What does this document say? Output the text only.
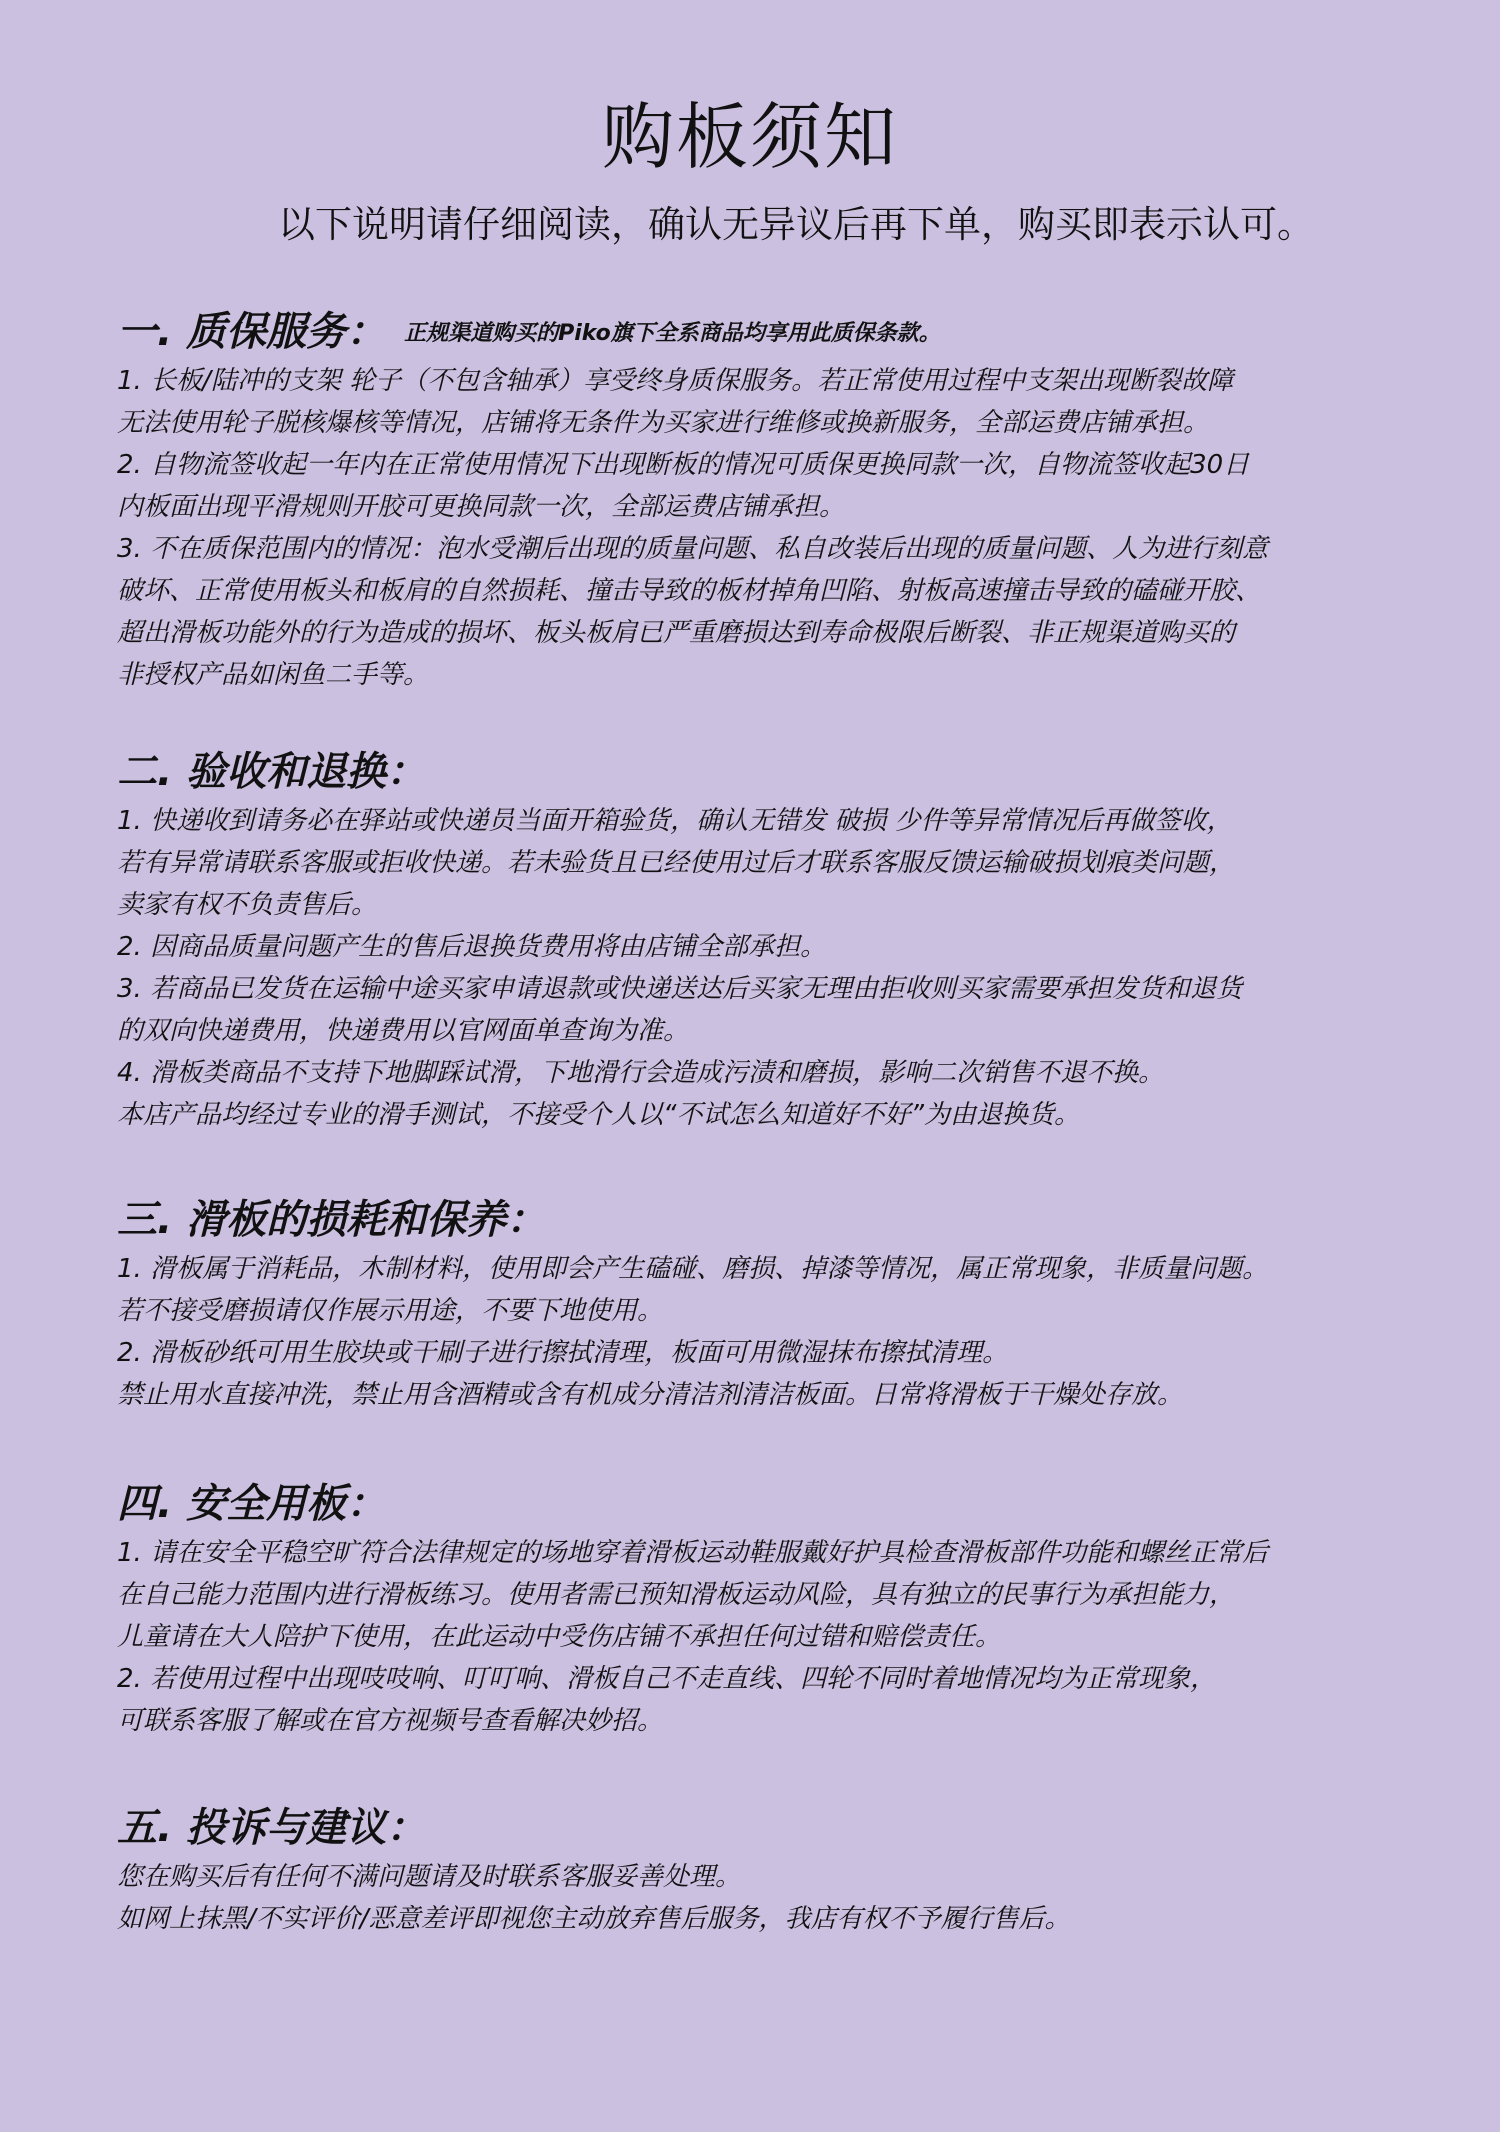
购板须知

以下说明请仔细阅读，确认无异议后再下单，购买即表示认可。

一. 质保服务： 正规渠道购买的Piko旗下全系商品均享用此质保条款。
1. 长板/陆冲的支架 轮子（不包含轴承）享受终身质保服务。若正常使用过程中支架出现断裂故障
无法使用轮子脱核爆核等情况，店铺将无条件为买家进行维修或换新服务，全部运费店铺承担。
2. 自物流签收起一年内在正常使用情况下出现断板的情况可质保更换同款一次，自物流签收起30日
内板面出现平滑规则开胶可更换同款一次，全部运费店铺承担。
3. 不在质保范围内的情况：泡水受潮后出现的质量问题、私自改装后出现的质量问题、人为进行刻意
破坏、正常使用板头和板肩的自然损耗、撞击导致的板材掉角凹陷、射板高速撞击导致的磕碰开胶、
超出滑板功能外的行为造成的损坏、板头板肩已严重磨损达到寿命极限后断裂、非正规渠道购买的
非授权产品如闲鱼二手等。
二. 验收和退换：
1. 快递收到请务必在驿站或快递员当面开箱验货，确认无错发 破损 少件等异常情况后再做签收，
若有异常请联系客服或拒收快递。若未验货且已经使用过后才联系客服反馈运输破损划痕类问题，
卖家有权不负责售后。
2. 因商品质量问题产生的售后退换货费用将由店铺全部承担。
3. 若商品已发货在运输中途买家申请退款或快递送达后买家无理由拒收则买家需要承担发货和退货
的双向快递费用，快递费用以官网面单查询为准。
4. 滑板类商品不支持下地脚踩试滑，下地滑行会造成污渍和磨损，影响二次销售不退不换。
本店产品均经过专业的滑手测试，不接受个人以“不试怎么知道好不好”为由退换货。
三. 滑板的损耗和保养：
1. 滑板属于消耗品，木制材料，使用即会产生磕碰、磨损、掉漆等情况，属正常现象，非质量问题。
若不接受磨损请仅作展示用途，不要下地使用。
2. 滑板砂纸可用生胶块或干刷子进行擦拭清理，板面可用微湿抹布擦拭清理。
禁止用水直接冲洗，禁止用含酒精或含有机成分清洁剂清洁板面。日常将滑板于干燥处存放。
四. 安全用板：
1. 请在安全平稳空旷符合法律规定的场地穿着滑板运动鞋服戴好护具检查滑板部件功能和螺丝正常后
在自己能力范围内进行滑板练习。使用者需已预知滑板运动风险，具有独立的民事行为承担能力，
儿童请在大人陪护下使用，在此运动中受伤店铺不承担任何过错和赔偿责任。
2. 若使用过程中出现吱吱响、叮叮响、滑板自己不走直线、四轮不同时着地情况均为正常现象，
可联系客服了解或在官方视频号查看解决妙招。
五. 投诉与建议：
您在购买后有任何不满问题请及时联系客服妥善处理。
如网上抹黑/不实评价/恶意差评即视您主动放弃售后服务，我店有权不予履行售后。
